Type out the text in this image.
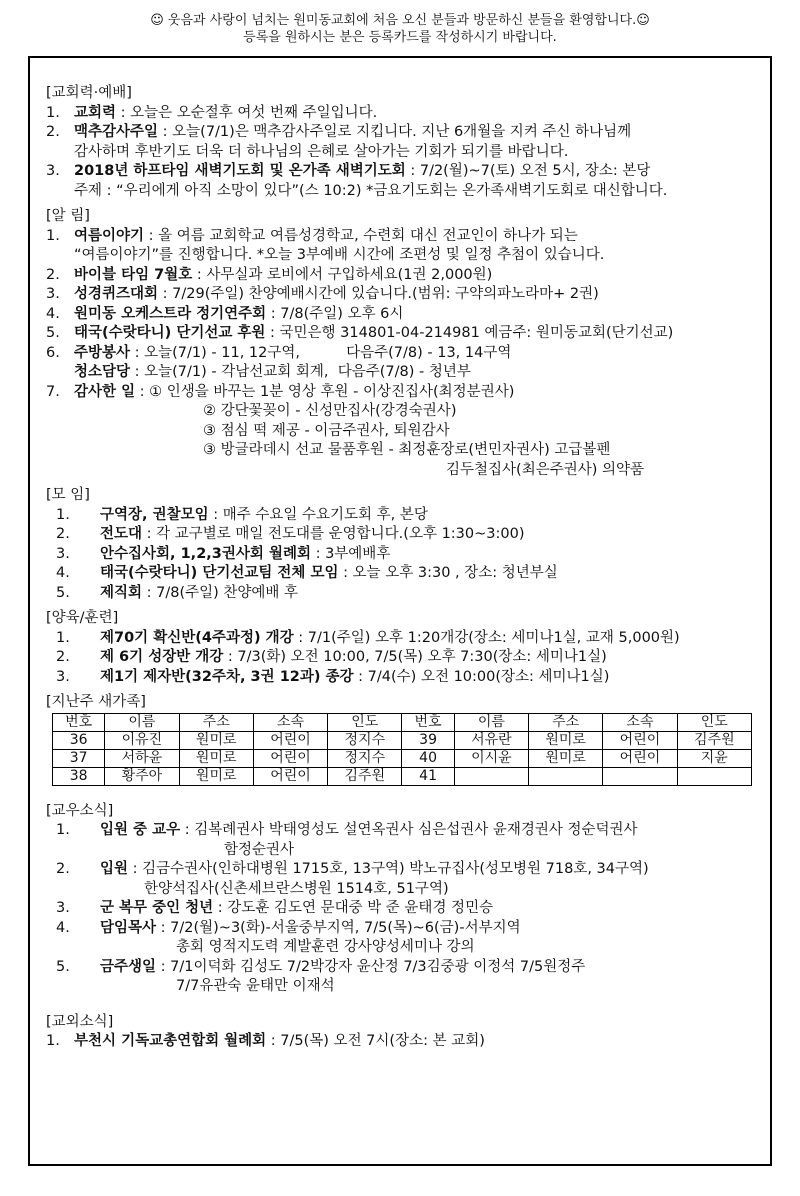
☺ 웃음과 사랑이 넘치는 원미동교회에 처음 오신 분들과 방문하신 분들을 환영합니다.☺
등록을 원하시는 분은 등록카드를 작성하시기 바랍니다.
[교회력·예배]
1. 교회력 : 오늘은 오순절후 여섯 번째 주일입니다.
2. 맥추감사주일 : 오늘(7/1)은 맥추감사주일로 지킵니다. 지난 6개월을 지켜 주신 하나님께
감사하며 후반기도 더욱 더 하나님의 은혜로 살아가는 기회가 되기를 바랍니다.
3. 2018년 하프타임 새벽기도회 및 온가족 새벽기도회 : 7/2(월)~7(토) 오전 5시, 장소: 본당
주제 : “우리에게 아직 소망이 있다”(스 10:2) *금요기도회는 온가족새벽기도회로 대신합니다.
[알 림]
1. 여름이야기 : 올 여름 교회학교 여름성경학교, 수련회 대신 전교인이 하나가 되는
“여름이야기”를 진행합니다. *오늘 3부예배 시간에 조편성 및 일정 추첨이 있습니다.
2. 바이블 타임 7월호 : 사무실과 로비에서 구입하세요(1권 2,000원)
3. 성경퀴즈대회 : 7/29(주일) 찬양예배시간에 있습니다.(범위: 구약의파노라마+ 2권)
4. 원미동 오케스트라 정기연주회 : 7/8(주일) 오후 6시
5. 태국(수랏타니) 단기선교 후원 : 국민은행 314801-04-214981 예금주: 원미동교회(단기선교)
6. 주방봉사 : 오늘(7/1) - 11, 12구역,	다음주(7/8) - 13, 14구역
청소담당 : 오늘(7/1) - 각남선교회 회계, 다음주(7/8) - 청년부
7. 감사한 일 : ① 인생을 바꾸는 1분 영상 후원 - 이상진집사(최정분권사)
② 강단꽃꽂이 - 신성만집사(강경숙권사)
③ 점심 떡 제공 - 이금주권사, 퇴원감사
③ 방글라데시 선교 물품후원 - 최정훈장로(변민자권사) 고급볼펜
김두철집사(최은주권사) 의약품
[모 임]
1.	구역장, 권찰모임 : 매주 수요일 수요기도회 후, 본당
2.	전도대 : 각 교구별로 매일 전도대를 운영합니다.(오후 1:30~3:00)
3.	안수집사회, 1,2,3권사회 월례회 : 3부예배후
4.	태국(수랏타니) 단기선교팀 전체 모임 : 오늘 오후 3:30 , 장소: 청년부실
5.	제직회 : 7/8(주일) 찬양예배 후
[양육/훈련]
1.	제70기 확신반(4주과정) 개강 : 7/1(주일) 오후 1:20개강(장소: 세미나1실, 교재 5,000원)
2.	제 6기 성장반 개강 : 7/3(화) 오전 10:00, 7/5(목) 오후 7:30(장소: 세미나1실)
3.	제1기 제자반(32주차, 3권 12과) 종강 : 7/4(수) 오전 10:00(장소: 세미나1실)
[지난주 새가족]
번호	이름	주소	소속	인도	번호	이름	주소	소속	인도
36	이유진	원미로	어린이	정지수	39	서유란	원미로	어린이	김주원
37	서하윤	원미로	어린이	정지수	40	이시윤	원미로	어린이	지윤
38	황주아	원미로	어린이	김주원	41				
[교우소식]
1.	입원 중 교우 : 김복례권사 박태영성도 설연옥권사 심은섭권사 윤재경권사 정순덕권사
함정순권사
2.	입원 : 김금수권사(인하대병원 1715호, 13구역) 박노규집사(성모병원 718호, 34구역)
한양석집사(신촌세브란스병원 1514호, 51구역)
3.	군 복무 중인 청년 : 강도훈 김도연 문대중 박 준 윤태경 정민승
4.	담임목사 : 7/2(월)~3(화)-서울중부지역, 7/5(목)~6(금)-서부지역
총회 영적지도력 계발훈련 강사양성세미나 강의
5.	금주생일 : 7/1이덕화 김성도 7/2박강자 윤산정 7/3김중광 이정석 7/5원정주
7/7유관숙 윤태만 이재석
[교외소식]
1. 부천시 기독교총연합회 월례회 : 7/5(목) 오전 7시(장소: 본 교회)
